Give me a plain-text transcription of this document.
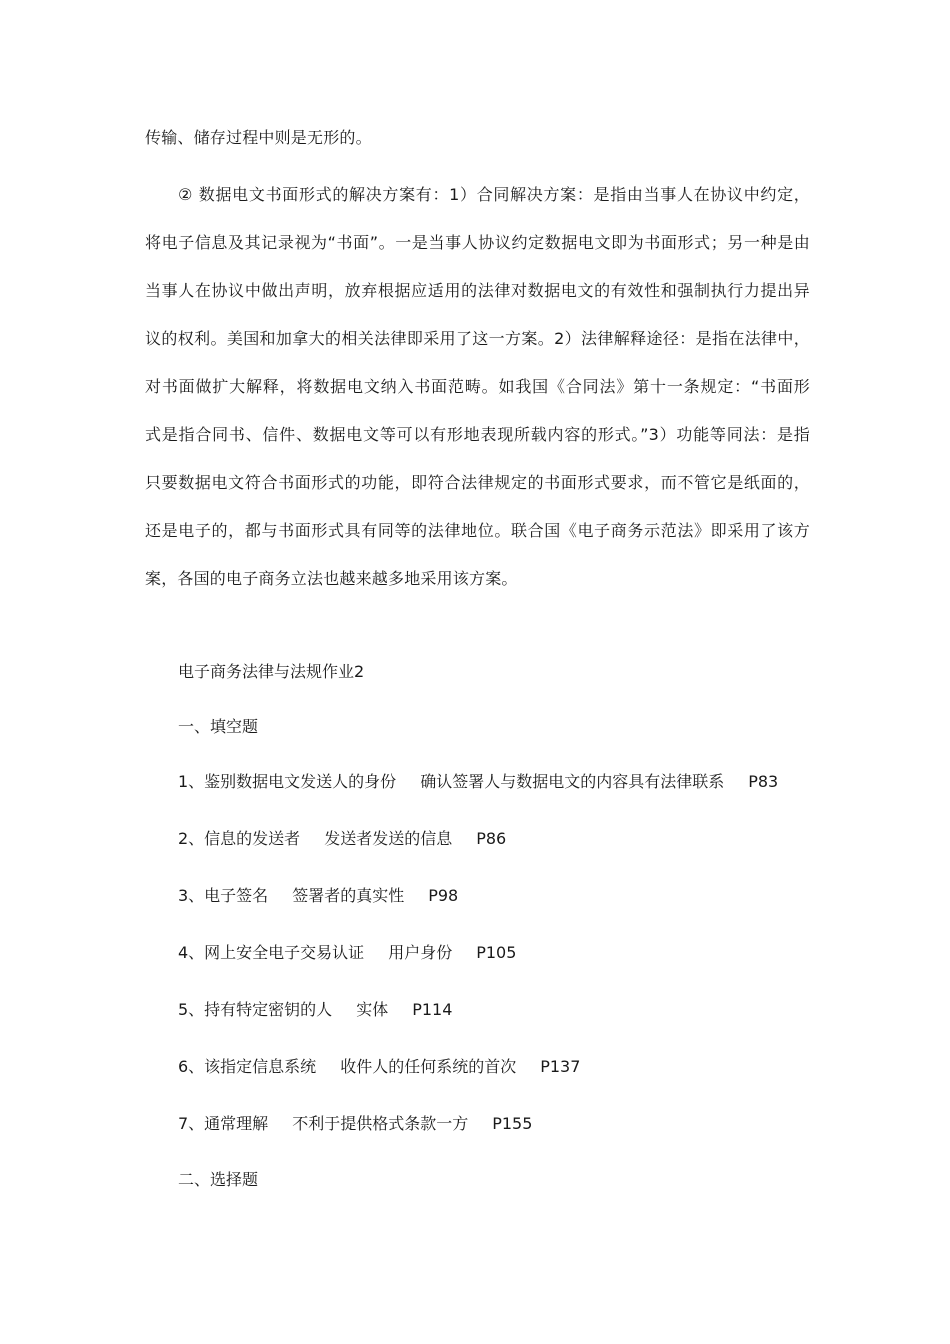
传输、储存过程中则是无形的。
② 数据电文书面形式的解决方案有：1）合同解决方案：是指由当事人在协议中约定，
将电子信息及其记录视为“书面”。一是当事人协议约定数据电文即为书面形式；另一种是由
当事人在协议中做出声明，放弃根据应适用的法律对数据电文的有效性和强制执行力提出异
议的权利。美国和加拿大的相关法律即采用了这一方案。2）法律解释途径：是指在法律中，
对书面做扩大解释，将数据电文纳入书面范畴。如我国《合同法》第十一条规定：“书面形
式是指合同书、信件、数据电文等可以有形地表现所载内容的形式。”3）功能等同法：是指
只要数据电文符合书面形式的功能，即符合法律规定的书面形式要求，而不管它是纸面的，
还是电子的，都与书面形式具有同等的法律地位。联合国《电子商务示范法》即采用了该方
案，各国的电子商务立法也越来越多地采用该方案。
电子商务法律与法规作业2
一、填空题
1、鉴别数据电文发送人的身份 确认签署人与数据电文的内容具有法律联系 P83
2、信息的发送者 发送者发送的信息 P86
3、电子签名 签署者的真实性 P98
4、网上安全电子交易认证 用户身份 P105
5、持有特定密钥的人 实体 P114
6、该指定信息系统 收件人的任何系统的首次 P137
7、通常理解 不利于提供格式条款一方 P155
二、选择题
